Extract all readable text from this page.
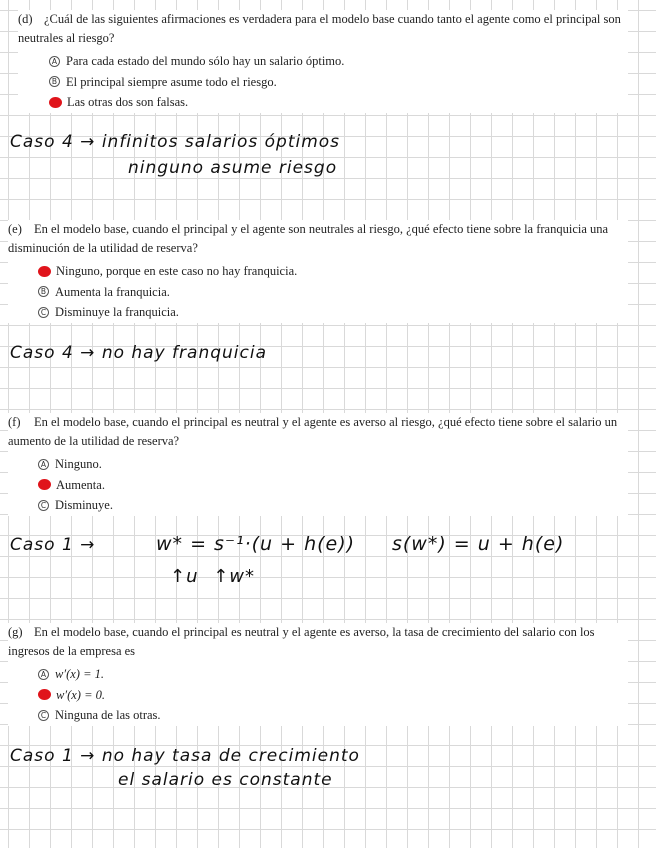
(d) ¿Cuál de las siguientes afirmaciones es verdadera para el modelo base cuando tanto el agente como el principal son neutrales al riesgo?

A Para cada estado del mundo sólo hay un salario óptimo.
B El principal siempre asume todo el riesgo.
Las otras dos son falsas.
Caso 4 → infinitos salarios óptimos
ninguno asume riesgo

(e) En el modelo base, cuando el principal y el agente son neutrales al riesgo, ¿qué efecto tiene sobre la franquicia una disminución de la utilidad de reserva?

Ninguno, porque en este caso no hay franquicia.
B Aumenta la franquicia.
C Disminuye la franquicia.
Caso 4 → no hay franquicia

(f) En el modelo base, cuando el principal es neutral y el agente es averso al riesgo, ¿qué efecto tiene sobre el salario un aumento de la utilidad de reserva?

A Ninguno.
Aumenta.
C Disminuye.
Caso 1 →	w* = s⁻¹·(u + h(e)) s(w*) = u + h(e)
↑u ↑w*

(g) En el modelo base, cuando el principal es neutral y el agente es averso, la tasa de crecimiento del salario con los ingresos de la empresa es

A w′(x) = 1.
w′(x) = 0.
C Ninguna de las otras.
Caso 1 → no hay tasa de crecimiento
el salario es constante
